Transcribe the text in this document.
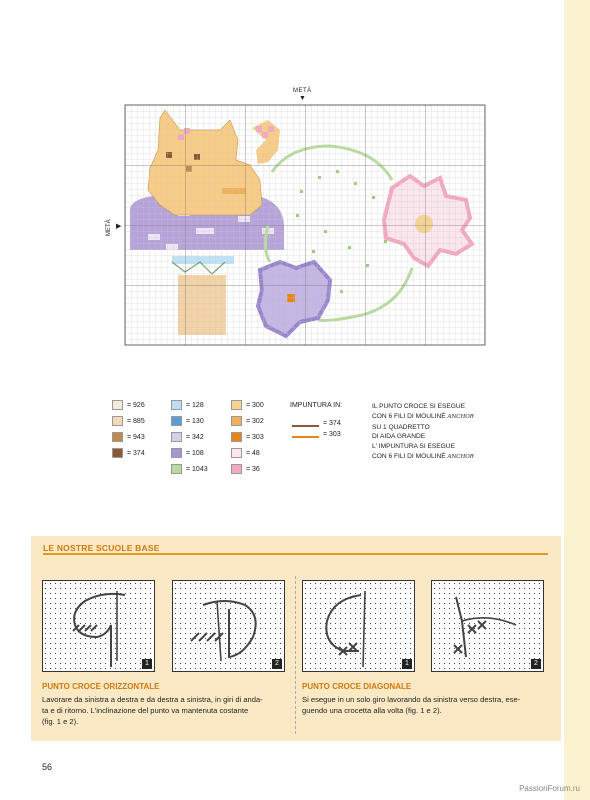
METÀ
▼
METÀ ▶
= 926
= 885
= 943
= 374
= 128
= 130
= 342
= 108
= 1043
= 300
= 302
= 303
= 48
= 36
IMPUNTURA IN:
= 374
= 303
IL PUNTO CROCE SI ESEGUE
CON 6 FILI DI MOULINÈ ANCHOR
SU 1 QUADRETTO
DI AIDA GRANDE
L' IMPUNTURA SI ESEGUE
CON 6 FILI DI MOULINÈ ANCHOR
LE NOSTRE SCUOLE BASE
1	2	1	2
PUNTO CROCE ORIZZONTALE
Lavorare da sinistra a destra e da destra a sinistra, in giri di anda-
ta e di ritorno. L'inclinazione del punto va mantenuta costante
(fig. 1 e 2).
PUNTO CROCE DIAGONALE
Si esegue in un solo giro lavorando da sinistra verso destra, ese-
guendo una crocetta alla volta (fig. 1 e 2).
56
PassionForum.ru
